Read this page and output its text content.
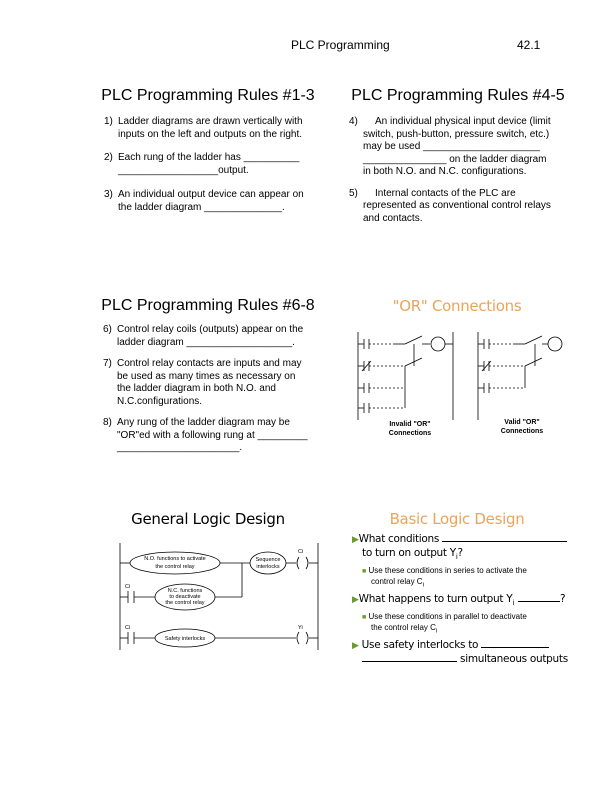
PLC Programming	42.1
PLC Programming Rules #1-3
1) Ladder diagrams are drawn vertically with
inputs on the left and outputs on the right.
2) Each rung of the ladder has __________
__________________output.
3) An individual output device can appear on
the ladder diagram ______________.
PLC Programming Rules #4-5
4)	An individual physical input device (limit
switch, push-button, pressure switch, etc.)
may be used _____________________
_______________ on the ladder diagram
in both N.O. and N.C. configurations.
5)	Internal contacts of the PLC are
represented as conventional control relays
and contacts.
PLC Programming Rules #6-8
6) Control relay coils (outputs) appear on the
ladder diagram ___________________.
7) Control relay contacts are inputs and may
be used as many times as necessary on
the ladder diagram in both N.O. and
N.C.configurations.
8) Any rung of the ladder diagram may be
"OR"ed with a following rung at _________
______________________.
"OR" Connections
Invalid "OR"
Connections
Valid "OR"
Connections
General Logic Design
N.O. functions to activate
the control relay
Sequence
interlocks
Ci
Ci
N.C. functions
to deactivate
the control relay
Ci
Safety interlocks
Yi
Basic Logic Design
▶What conditions
to turn on output $Y_i$?
■ Use these conditions in series to activate the
control relay $C_i$
▶What happens to turn output $Y_i$	?
■ Use these conditions in parallel to deactivate
the control relay $C_i$
▶ Use safety interlocks to
simultaneous outputs
